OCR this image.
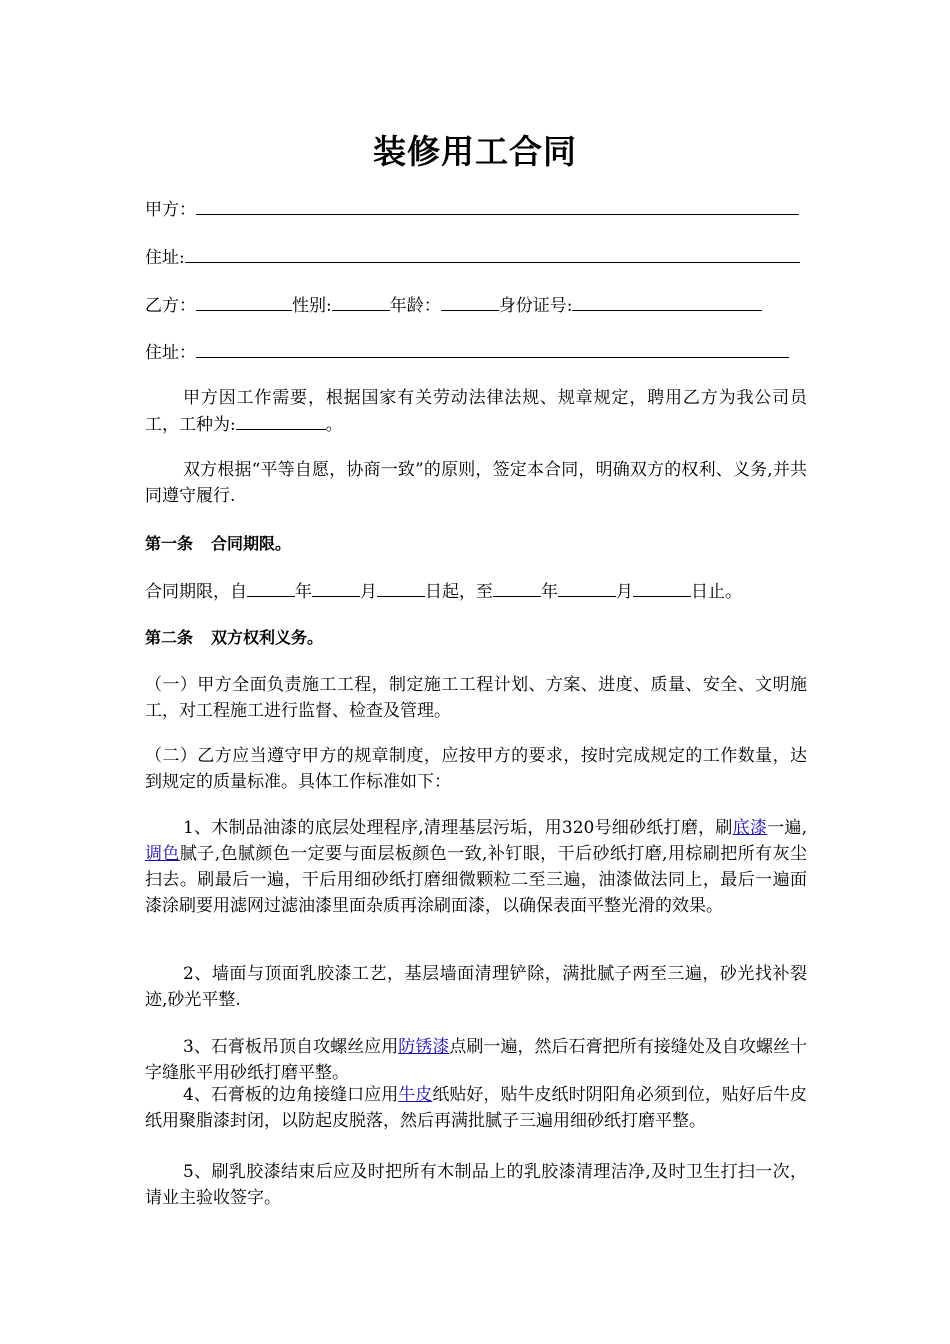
装修用工合同
甲方：
住址:
乙方：	性别:	年龄：	身份证号:
住址：
甲方因工作需要，根据国家有关劳动法律法规、规章规定，聘用乙方为我公司员工，工种为:	。
双方根据“平等自愿，协商一致”的原则，签定本合同，明确双方的权利、义务,并共同遵守履行.
第一条 合同期限。
合同期限，自	年	月	日起，至	年	月	日止。
第二条 双方权利义务。
（一）甲方全面负责施工工程，制定施工工程计划、方案、进度、质量、安全、文明施工，对工程施工进行监督、检查及管理。
（二）乙方应当遵守甲方的规章制度，应按甲方的要求，按时完成规定的工作数量，达到规定的质量标准。具体工作标准如下：
1、木制品油漆的底层处理程序,清理基层污垢，用320号细砂纸打磨，刷底漆一遍,调色腻子,色腻颜色一定要与面层板颜色一致,补钉眼，干后砂纸打磨,用棕刷把所有灰尘扫去。刷最后一遍，干后用细砂纸打磨细微颗粒二至三遍，油漆做法同上，最后一遍面漆涂刷要用滤网过滤油漆里面杂质再涂刷面漆，以确保表面平整光滑的效果。
2、墙面与顶面乳胶漆工艺，基层墙面清理铲除，满批腻子两至三遍，砂光找补裂迹,砂光平整.
3、石膏板吊顶自攻螺丝应用防锈漆点刷一遍，然后石膏把所有接缝处及自攻螺丝十字缝胀平用砂纸打磨平整。
4、石膏板的边角接缝口应用牛皮纸贴好，贴牛皮纸时阴阳角必须到位，贴好后牛皮纸用聚脂漆封闭，以防起皮脱落，然后再满批腻子三遍用细砂纸打磨平整。
5、刷乳胶漆结束后应及时把所有木制品上的乳胶漆清理洁净,及时卫生打扫一次，请业主验收签字。
